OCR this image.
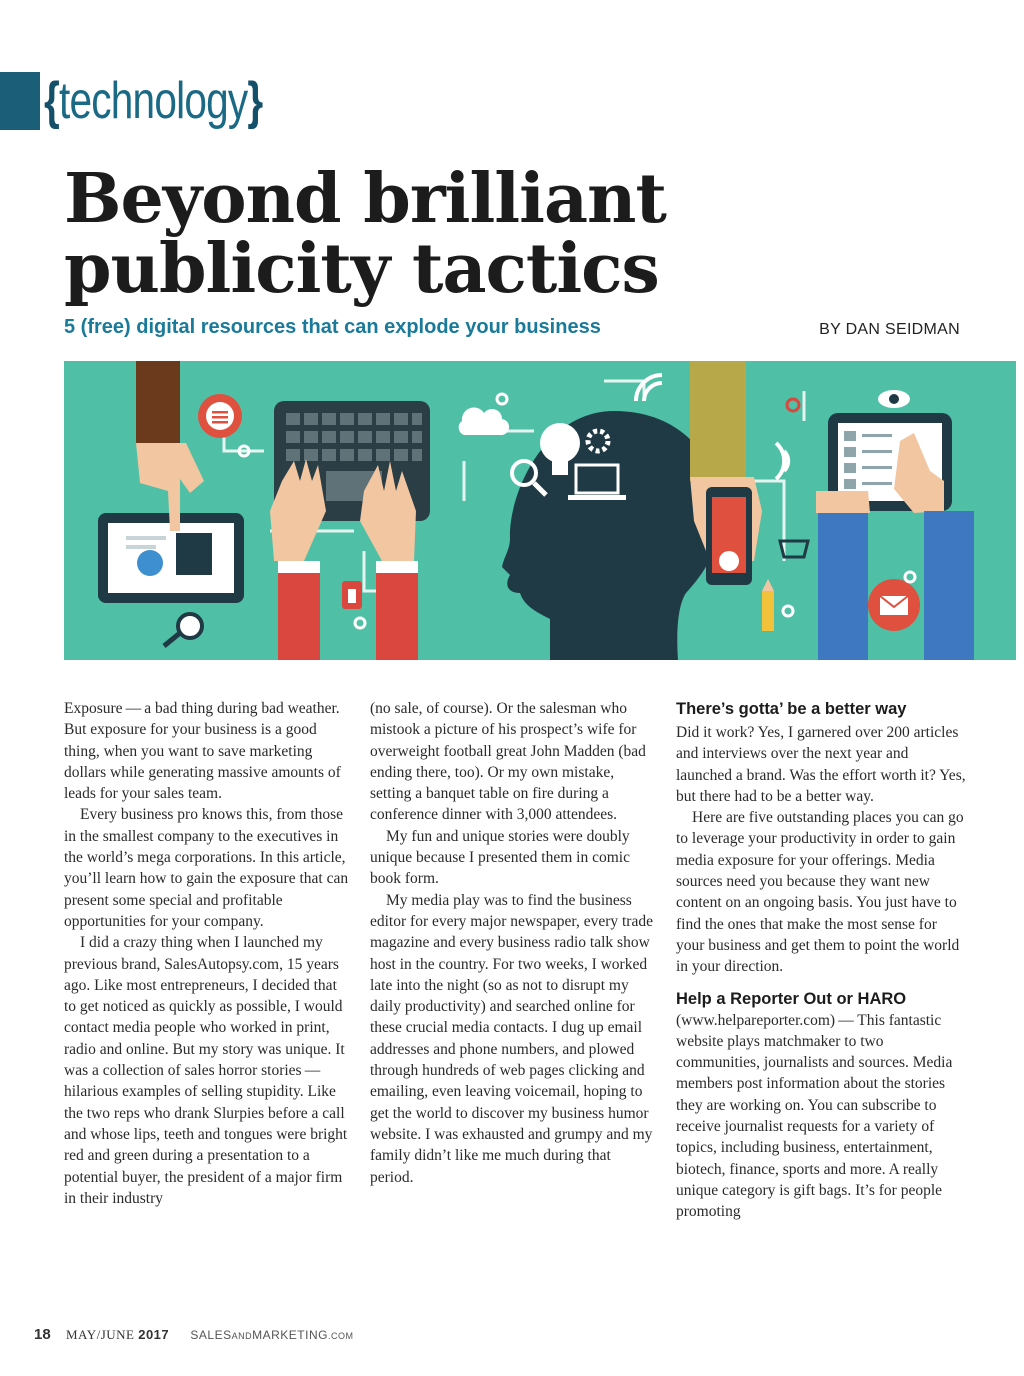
{technology}
Beyond brilliant publicity tactics
5 (free) digital resources that can explode your business	BY DAN SEIDMAN

Exposure — a bad thing during bad weather. But exposure for your business is a good thing, when you want to save marketing dollars while generating massive amounts of leads for your sales team.

Every business pro knows this, from those in the smallest company to the executives in the world’s mega corporations. In this article, you’ll learn how to gain the exposure that can present some special and profitable opportunities for your company.

I did a crazy thing when I launched my previous brand, SalesAutopsy.com, 15 years ago. Like most entrepreneurs, I decided that to get noticed as quickly as possible, I would contact media people who worked in print, radio and online. But my story was unique. It was a collection of sales horror stories — hilarious examples of selling stupidity. Like the two reps who drank Slurpies before a call and whose lips, teeth and tongues were bright red and green during a presentation to a potential buyer, the president of a major firm in their industry

(no sale, of course). Or the salesman who mistook a picture of his prospect’s wife for overweight football great John Madden (bad ending there, too). Or my own mistake, setting a banquet table on fire during a conference dinner with 3,000 attendees.

My fun and unique stories were doubly unique because I presented them in comic book form.

My media play was to find the business editor for every major newspaper, every trade magazine and every business radio talk show host in the country. For two weeks, I worked late into the night (so as not to disrupt my daily productivity) and searched online for these crucial media contacts. I dug up email addresses and phone numbers, and plowed through hundreds of web pages clicking and emailing, even leaving voicemail, hoping to get the world to discover my business humor website. I was exhausted and grumpy and my family didn’t like me much during that period.

There’s gotta’ be a better way

Did it work? Yes, I garnered over 200 articles and interviews over the next year and launched a brand. Was the effort worth it? Yes, but there had to be a better way.

Here are five outstanding places you can go to leverage your productivity in order to gain media exposure for your offerings. Media sources need you because they want new content on an ongoing basis. You just have to find the ones that make the most sense for your business and get them to point the world in your direction.

Help a Reporter Out or HARO

(www.helpareporter.com) — This fantastic website plays matchmaker to two communities, journalists and sources. Media members post information about the stories they are working on. You can subscribe to receive journalist requests for a variety of topics, including business, entertainment, biotech, finance, sports and more. A really unique category is gift bags. It’s for people promoting

18 MAY/JUNE 2017 SALESANDMARKETING.COM
